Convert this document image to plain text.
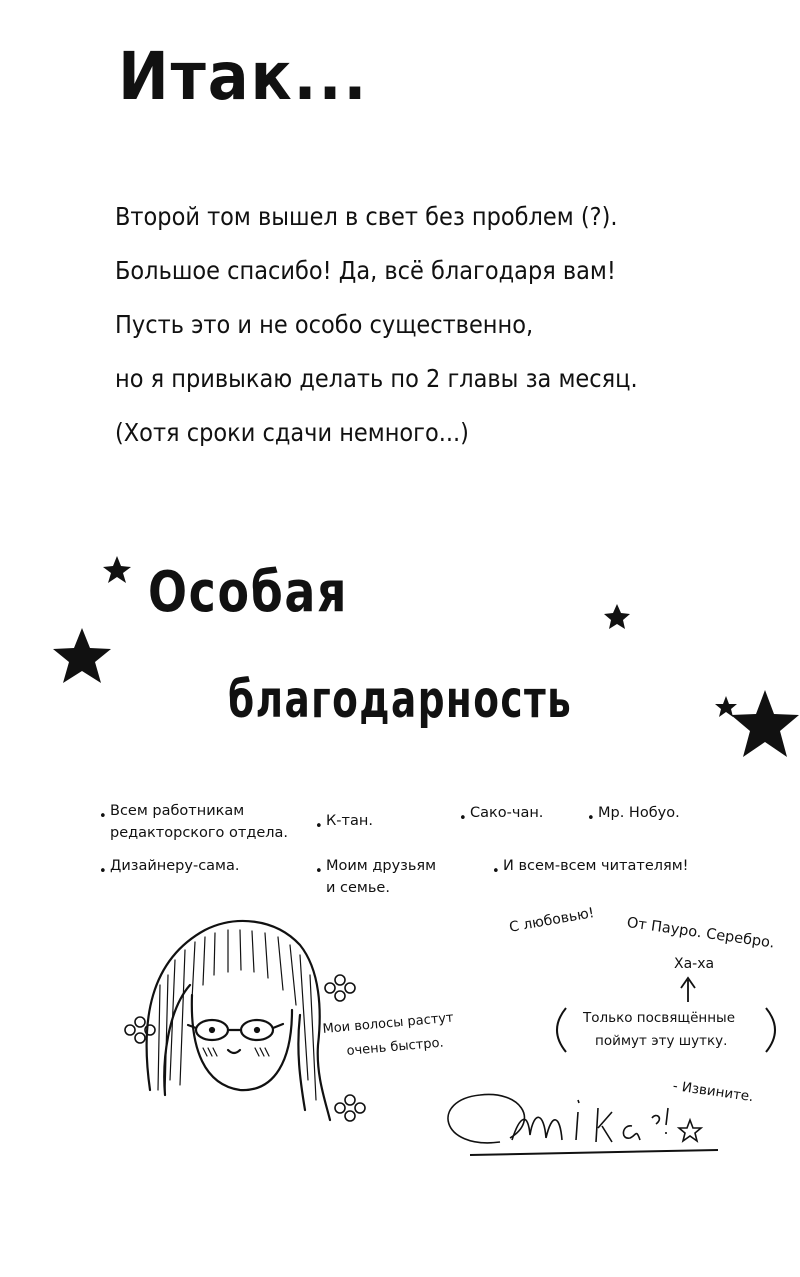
Итак...
Второй том вышел в свет без проблем (?).
Большое спасибо! Да, всё благодаря вам!
Пусть это и не особо существенно,
но я привыкаю делать по 2 главы за месяц.
(Хотя сроки сдачи немного...)
Особая
благодарность
• Всем работникам
редакторского отдела.
• К-тан.	• Сако-чан.	• Мр. Нобуо.
• Дизайнеру-сама.	• Моим друзьям
и семье.
• И всем-всем читателям!
С любовью! От Пауро. Серебро.
Ха-ха
Только посвящённые
поймут эту шутку.
Мои волосы растут
очень быстро.
- Извините.
